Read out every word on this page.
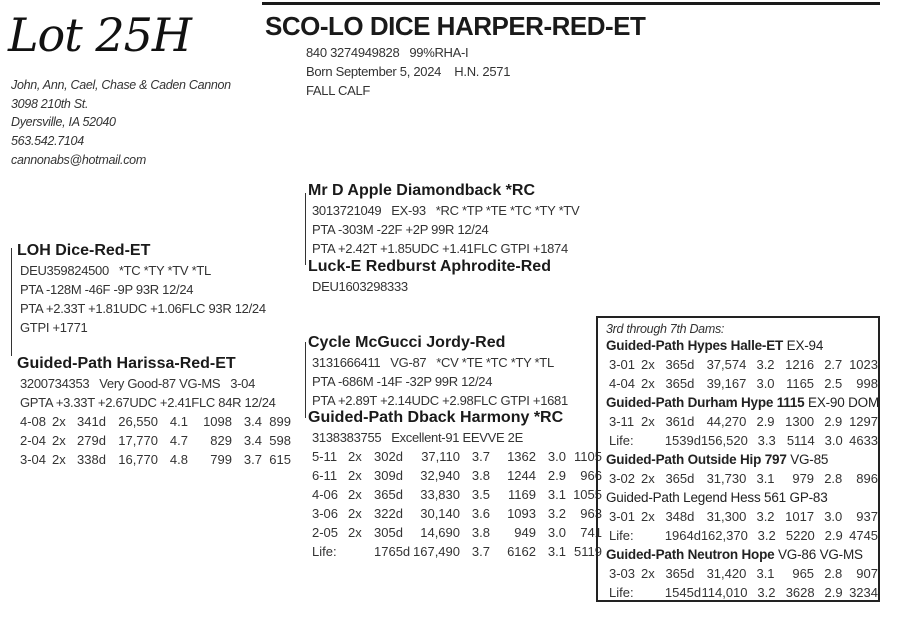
Lot 25H	SCO-LO DICE HARPER-RED-ET
840 3274949828   99%RHA-I
Born September 5, 2024    H.N. 2571
FALL CALF
John, Ann, Cael, Chase & Caden Cannon
3098 210th St.
Dyersville, IA 52040
563.542.7104
cannonabs@hotmail.com
LOH Dice-Red-ET
DEU359824500   *TC *TY *TV *TL
PTA -128M -46F -9P 93R 12/24
PTA +2.33T +1.81UDC +1.06FLC 93R 12/24
GTPI +1771
Guided-Path Harissa-Red-ET
3200734353   Very Good-87 VG-MS   3-04
GPTA +3.33T +2.67UDC +2.41FLC 84R 12/24
4-08 2x 341d 26,550 4.1	1098 3.4 899
2-04 2x 279d 17,770 4.7	829 3.4 598
3-04 2x 338d 16,770 4.8	799 3.7 615
Mr D Apple Diamondback *RC
3013721049   EX-93   *RC *TP *TE *TC *TY *TV
PTA -303M -22F +2P 99R 12/24
PTA +2.42T +1.85UDC +1.41FLC GTPI +1874
Luck-E Redburst Aphrodite-Red
DEU1603298333
Cycle McGucci Jordy-Red
3131666411   VG-87   *CV *TE *TC *TY *TL
PTA -686M -14F -32P 99R 12/24
PTA +2.89T +2.14UDC +2.98FLC GTPI +1681
Guided-Path Dback Harmony *RC
3138383755   Excellent-91 EEVVE 2E
5-11 2x 302d	37,110 3.7	1362 3.0 1105
6-11 2x 309d	32,940 3.8	1244 2.9	966
4-06 2x 365d	33,830 3.5	1169 3.1 1055
3-06 2x 322d	30,140 3.6	1093 3.2	963
2-05 2x 305d	14,690 3.8	949 3.0	741
Life:	1765d 167,490 3.7	6162 3.1 5119
3rd through 7th Dams:
Guided-Path Hypes Halle-ET EX-94
3-01 2x 365d 37,574 3.2 1216 2.7 1023
4-04 2x 365d 39,167 3.0 1165 2.5	998
Guided-Path Durham Hype 1115 EX-90 DOM
3-11 2x 361d 44,270 2.9 1300 2.9 1297
Life:	1539d 156,520 3.3 5114 3.0 4633
Guided-Path Outside Hip 797 VG-85
3-02 2x 365d 31,730 3.1	979 2.8	896
Guided-Path Legend Hess 561 GP-83
3-01 2x 348d 31,300 3.2 1017 3.0	937
Life:	1964d 162,370 3.2 5220 2.9 4745
Guided-Path Neutron Hope VG-86 VG-MS
3-03 2x 365d 31,420 3.1	965 2.8	907
Life:	1545d 114,010 3.2 3628 2.9 3234
